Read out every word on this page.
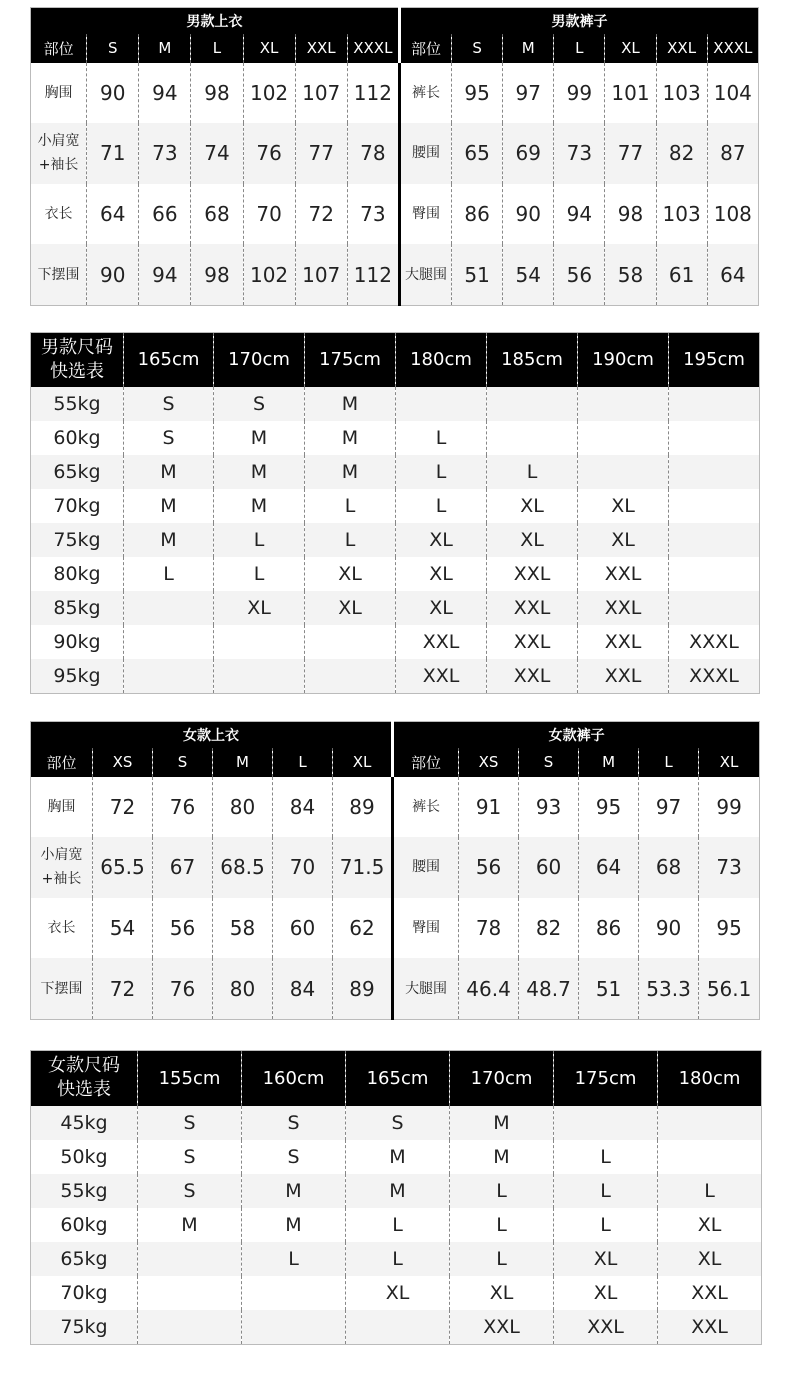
男款上衣							男款裤子						
部位	S	M	L	XL	XXL	XXXL	部位	S	M	L	XL	XXL	XXXL
胸围	90	94	98	102	107	112	裤长	95	97	99	101	103	104
小肩宽
+袖长	71	73	74	76	77	78	腰围	65	69	73	77	82	87
衣长	64	66	68	70	72	73	臀围	86	90	94	98	103	108
下摆围	90	94	98	102	107	112	大腿围	51	54	56	58	61	64
男款尺码
快选表	165cm	170cm	175cm	180cm	185cm	190cm	195cm
55kg	S	S	M				
60kg	S	M	M	L			
65kg	M	M	M	L	L		
70kg	M	M	L	L	XL	XL	
75kg	M	L	L	XL	XL	XL	
80kg	L	L	XL	XL	XXL	XXL	
85kg		XL	XL	XL	XXL	XXL	
90kg				XXL	XXL	XXL	XXXL
95kg				XXL	XXL	XXL	XXXL
女款上衣						女款裤子					
部位	XS	S	M	L	XL	部位	XS	S	M	L	XL
胸围	72	76	80	84	89	裤长	91	93	95	97	99
小肩宽
+袖长	65.5	67	68.5	70	71.5	腰围	56	60	64	68	73
衣长	54	56	58	60	62	臀围	78	82	86	90	95
下摆围	72	76	80	84	89	大腿围	46.4	48.7	51	53.3	56.1
女款尺码
快选表	155cm	160cm	165cm	170cm	175cm	180cm
45kg	S	S	S	M		
50kg	S	S	M	M	L	
55kg	S	M	M	L	L	L
60kg	M	M	L	L	L	XL
65kg		L	L	L	XL	XL
70kg			XL	XL	XL	XXL
75kg				XXL	XXL	XXL
